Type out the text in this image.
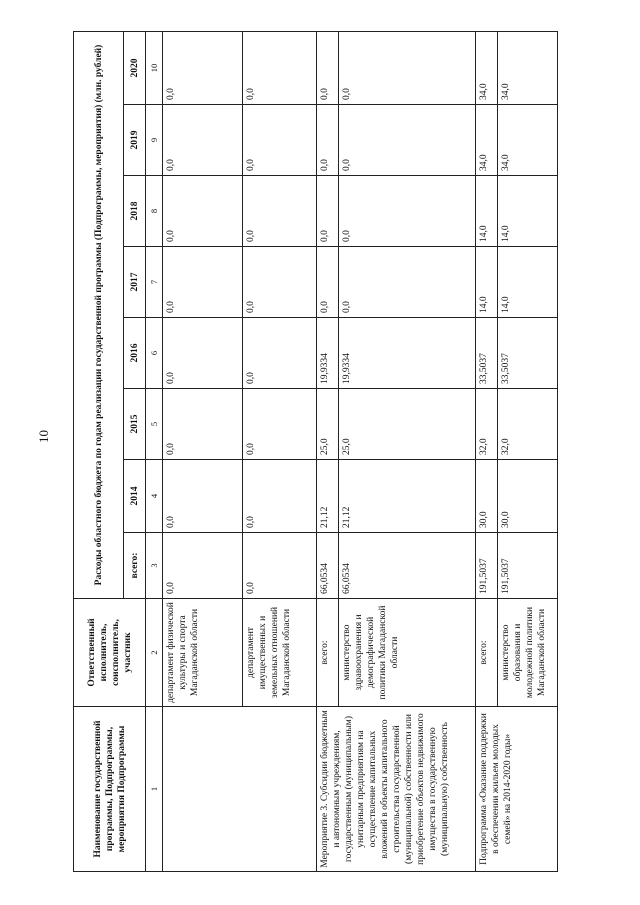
10
Наименование государственной программы, Подпрограммы, мероприятия Подпрограммы	Ответственный исполнитель, соисполнитель, участник	Расходы областного бюджета по годам реализации государственной программы (Подпрограммы, мероприятия) (млн. рублей)							
		всего:	2014	2015	2016	2017	2018	2019	2020
1	2	3	4	5	6	7	8	9	10
	департамент физической культуры и спорта Магаданской области	0,0	0,0	0,0	0,0	0,0	0,0	0,0	0,0
	департамент имущественных и земельных отношений Магаданской области	0,0	0,0	0,0	0,0	0,0	0,0	0,0	0,0
Мероприятие 3. Субсидии бюджетным и автономным учреждениям, государственным (муниципальным) унитарным предприятиям на осуществление капитальных вложений в объекты капитального строительства государственной (муниципальной) собственности или приобретение объектов недвижимого имущества в государственную (муниципальную) собственность	всего:	66,0534	21,12	25,0	19,9334	0,0	0,0	0,0	0,0
	министерство здравоохранения и демографической политики Магаданской области	66,0534	21,12	25,0	19,9334	0,0	0,0	0,0	0,0
Подпрограмма «Оказание поддержки в обеспечении жильем молодых семей» на 2014-2020 годы»	всего:	191,5037	30,0	32,0	33,5037	14,0	14,0	34,0	34,0
	министерство образования и молодежной политики Магаданской области	191,5037	30,0	32,0	33,5037	14,0	14,0	34,0	34,0
